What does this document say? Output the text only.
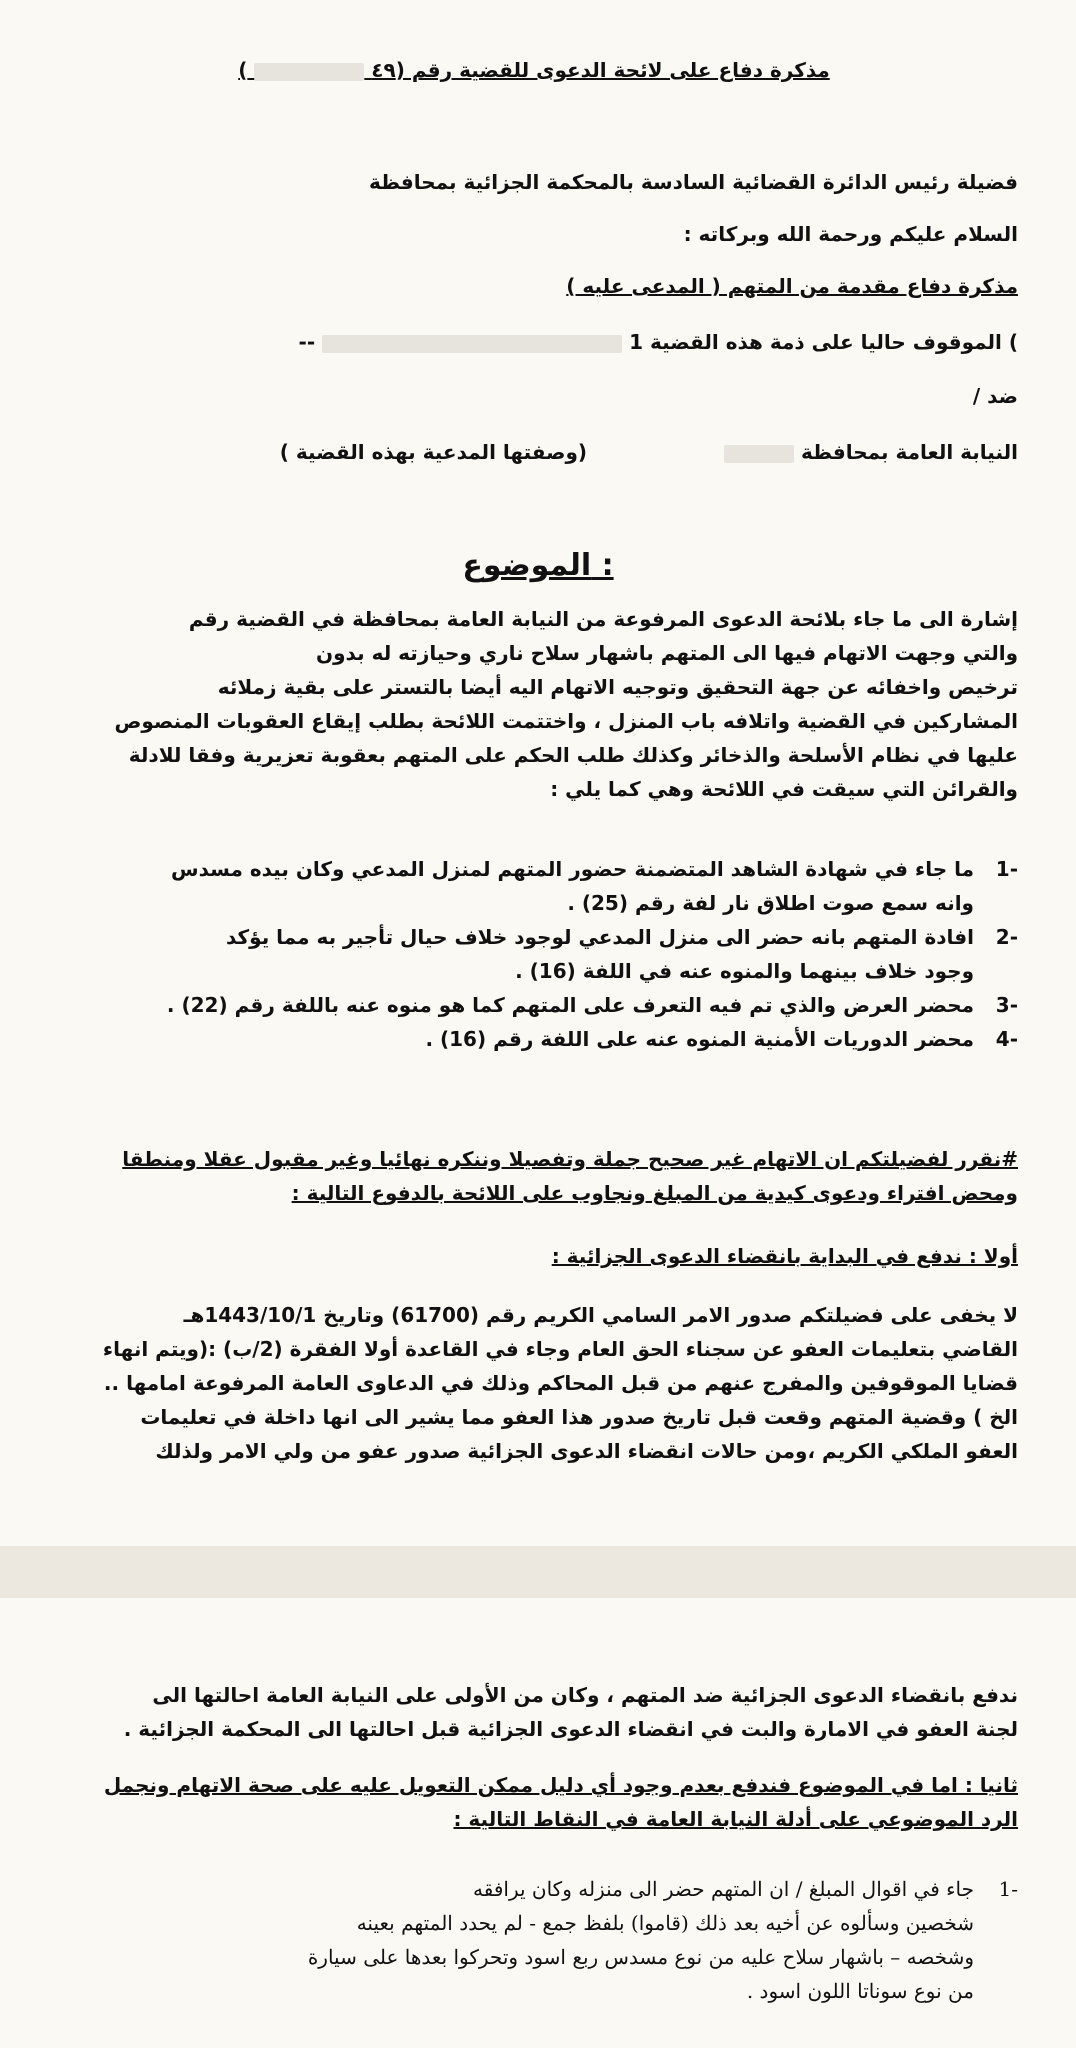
مذكرة دفاع على لائحة الدعوى للقضية رقم (٤٩  )
فضيلة رئيس الدائرة القضائية السادسة بالمحكمة الجزائية بمحافظة
السلام عليكم ورحمة الله وبركاته :
مذكرة دفاع مقدمة من المتهم ( المدعى عليه )
) الموقوف حاليا على ذمة هذه القضية 1  --
ضد /
النيابة العامة بمحافظة  (وصفتها المدعية بهذه القضية )
الموضوع :
إشارة الى ما جاء بلائحة الدعوى المرفوعة من النيابة العامة بمحافظة في القضية رقم
والتي وجهت الاتهام فيها الى المتهم باشهار سلاح ناري وحيازته له بدون
ترخيص واخفائه عن جهة التحقيق وتوجيه الاتهام اليه أيضا بالتستر على بقية زملائه
المشاركين في القضية واتلافه باب المنزل ، واختتمت اللائحة بطلب إيقاع العقوبات المنصوص
عليها في نظام الأسلحة والذخائر وكذلك طلب الحكم على المتهم بعقوبة تعزيرية وفقا للادلة
والقرائن التي سيقت في اللائحة وهي كما يلي :
-1
ما جاء في شهادة الشاهد المتضمنة حضور المتهم لمنزل المدعي وكان بيده مسدس
وانه سمع صوت اطلاق نار لفة رقم (25) .
-2
افادة المتهم بانه حضر الى منزل المدعي لوجود خلاف حيال تأجير به مما يؤكد
وجود خلاف بينهما والمنوه عنه في اللفة (16) .
-3
محضر العرض والذي تم فيه التعرف على المتهم كما هو منوه عنه باللفة رقم (22) .
-4
محضر الدوريات الأمنية المنوه عنه على اللفة رقم (16) .
#نقرر لفضيلتكم ان الاتهام غير صحيح جملة وتفصيلا وننكره نهائيا وغير مقبول عقلا ومنطقا
ومحض افتراء ودعوى كيدية من المبلغ ونجاوب على اللائحة بالدفوع التالية :
أولا : ندفع في البداية بانقضاء الدعوى الجزائية :
لا يخفى على فضيلتكم صدور الامر السامي الكريم رقم (61700) وتاريخ 1443/10/1هـ
القاضي بتعليمات العفو عن سجناء الحق العام وجاء في القاعدة أولا الفقرة (2/ب) :(ويتم انهاء
قضايا الموقوفين والمفرج عنهم من قبل المحاكم وذلك في الدعاوى العامة المرفوعة امامها ..
الخ ) وقضية المتهم وقعت قبل تاريخ صدور هذا العفو مما يشير الى انها داخلة في تعليمات
العفو الملكي الكريم ،ومن حالات انقضاء الدعوى الجزائية صدور عفو من ولي الامر ولذلك
ندفع بانقضاء الدعوى الجزائية ضد المتهم ، وكان من الأولى على النيابة العامة احالتها الى
لجنة العفو في الامارة والبت في انقضاء الدعوى الجزائية قبل احالتها الى المحكمة الجزائية .
ثانيا : اما في الموضوع فندفع بعدم وجود أي دليل ممكن التعويل عليه على صحة الاتهام ونجمل
الرد الموضوعي على أدلة النيابة العامة في النقاط التالية :
-1
جاء في اقوال المبلغ / ان المتهم حضر الى منزله وكان يرافقه
شخصين وسألوه عن أخيه بعد ذلك (قاموا) بلفظ جمع - لم يحدد المتهم بعينه
وشخصه – باشهار سلاح عليه من نوع مسدس ربع اسود وتحركوا بعدها على سيارة
من نوع سوناتا اللون اسود .
